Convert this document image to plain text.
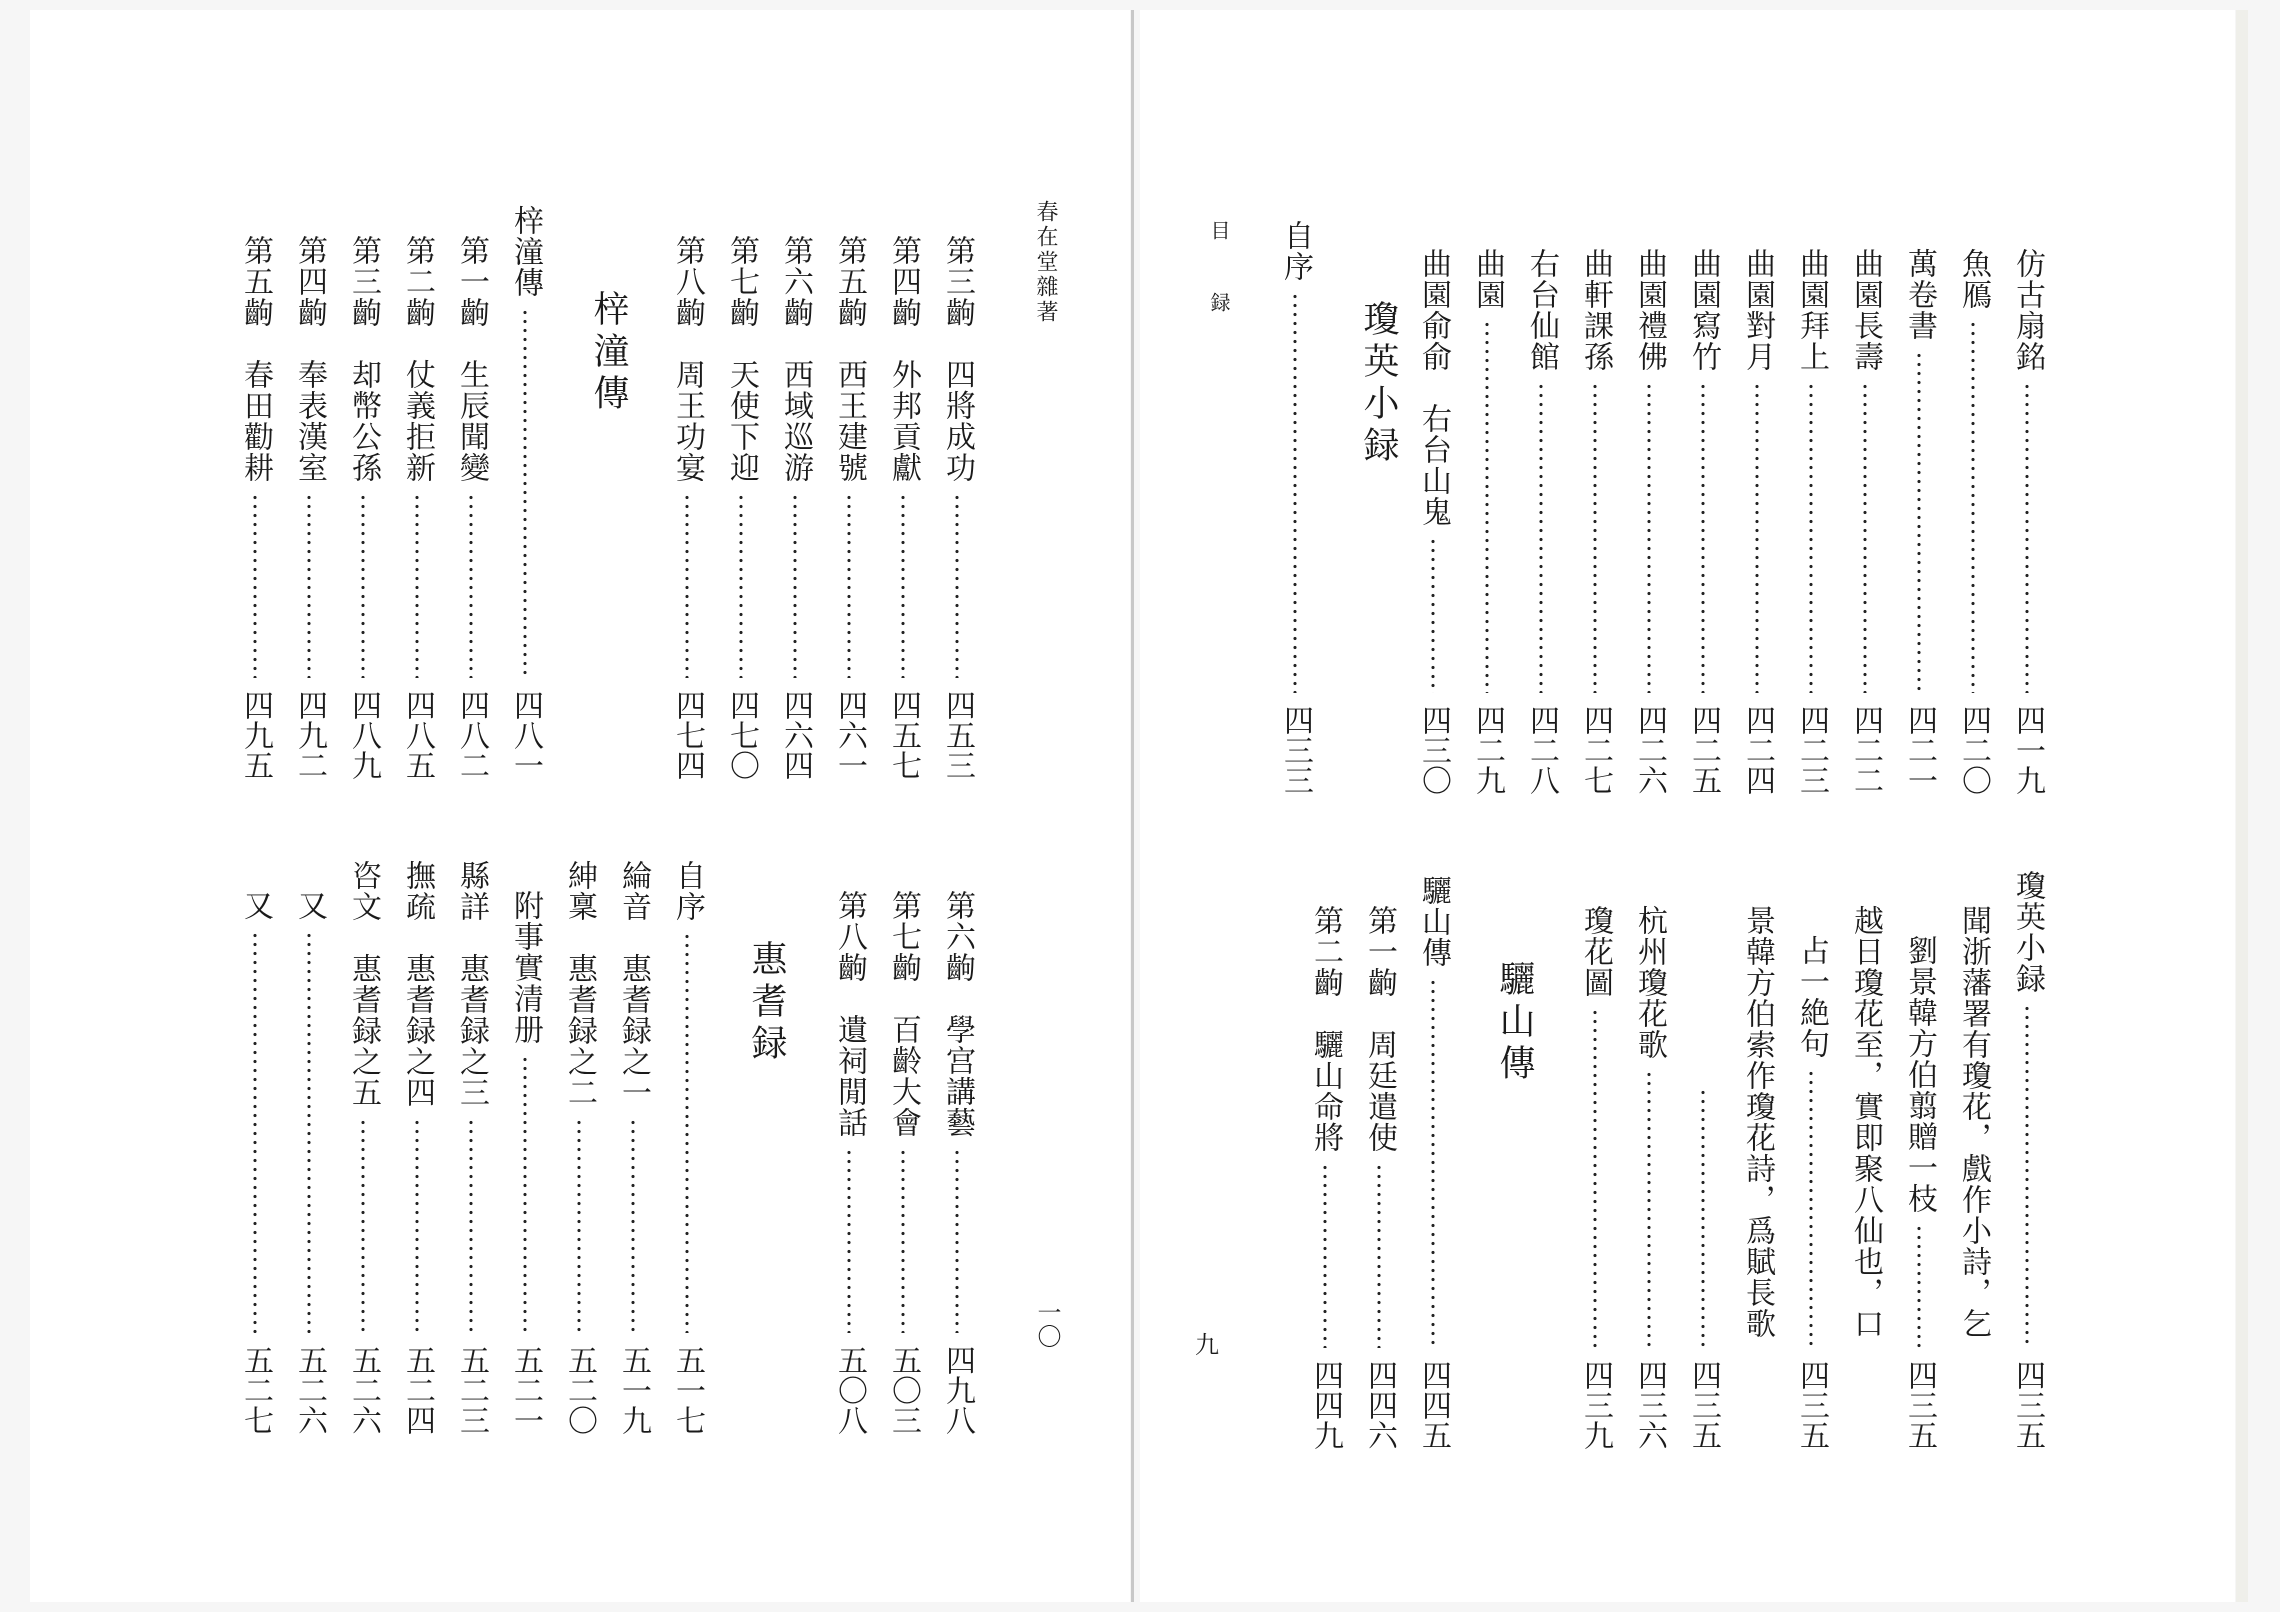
春在堂雜著	目 録
一〇	九
仿古扇銘
四一九
魚鴈
四二〇
萬卷書
四二一
曲園長壽
四二二
曲園拜上
四二三
曲園對月
四二四
曲園寫竹
四二五
曲園禮佛
四二六
曲軒課孫
四二七
右台仙館
四二八
曲園
四二九
曲園俞俞　右台山鬼
四三〇
瓊英小録
自序
四三三
瓊英小録
四三五
聞浙藩署有瓊花，戲作小詩，乞
劉景韓方伯翦贈一枝
四三五
越日瓊花至，實即聚八仙也，口
占一絶句
四三五
景韓方伯索作瓊花詩，爲賦長歌
四三五
杭州瓊花歌
四三六
瓊花圖
四三九
驪山傳
驪山傳
四四五
第一齣　周廷遣使
四四六
第二齣　驪山命將
四四九
第三齣　四將成功
四五三
第四齣　外邦貢獻
四五七
第五齣　西王建號
四六一
第六齣　西域巡游
四六四
第七齣　天使下迎
四七〇
第八齣　周王功宴
四七四
梓潼傳
梓潼傳
四八一
第一齣　生辰聞變
四八二
第二齣　仗義拒新
四八五
第三齣　却幣公孫
四八九
第四齣　奉表漢室
四九二
第五齣　春田勸耕
四九五
第六齣　學宫講藝
四九八
第七齣　百齡大會
五〇三
第八齣　遺祠閒話
五〇八
惠耆録
自序
五一七
綸音　惠耆録之一
五一九
紳稟　惠耆録之二
五二〇
附事實清册
五二一
縣詳　惠耆録之三
五二三
撫疏　惠耆録之四
五二四
咨文　惠耆録之五
五二六
又
五二六
又
五二七
